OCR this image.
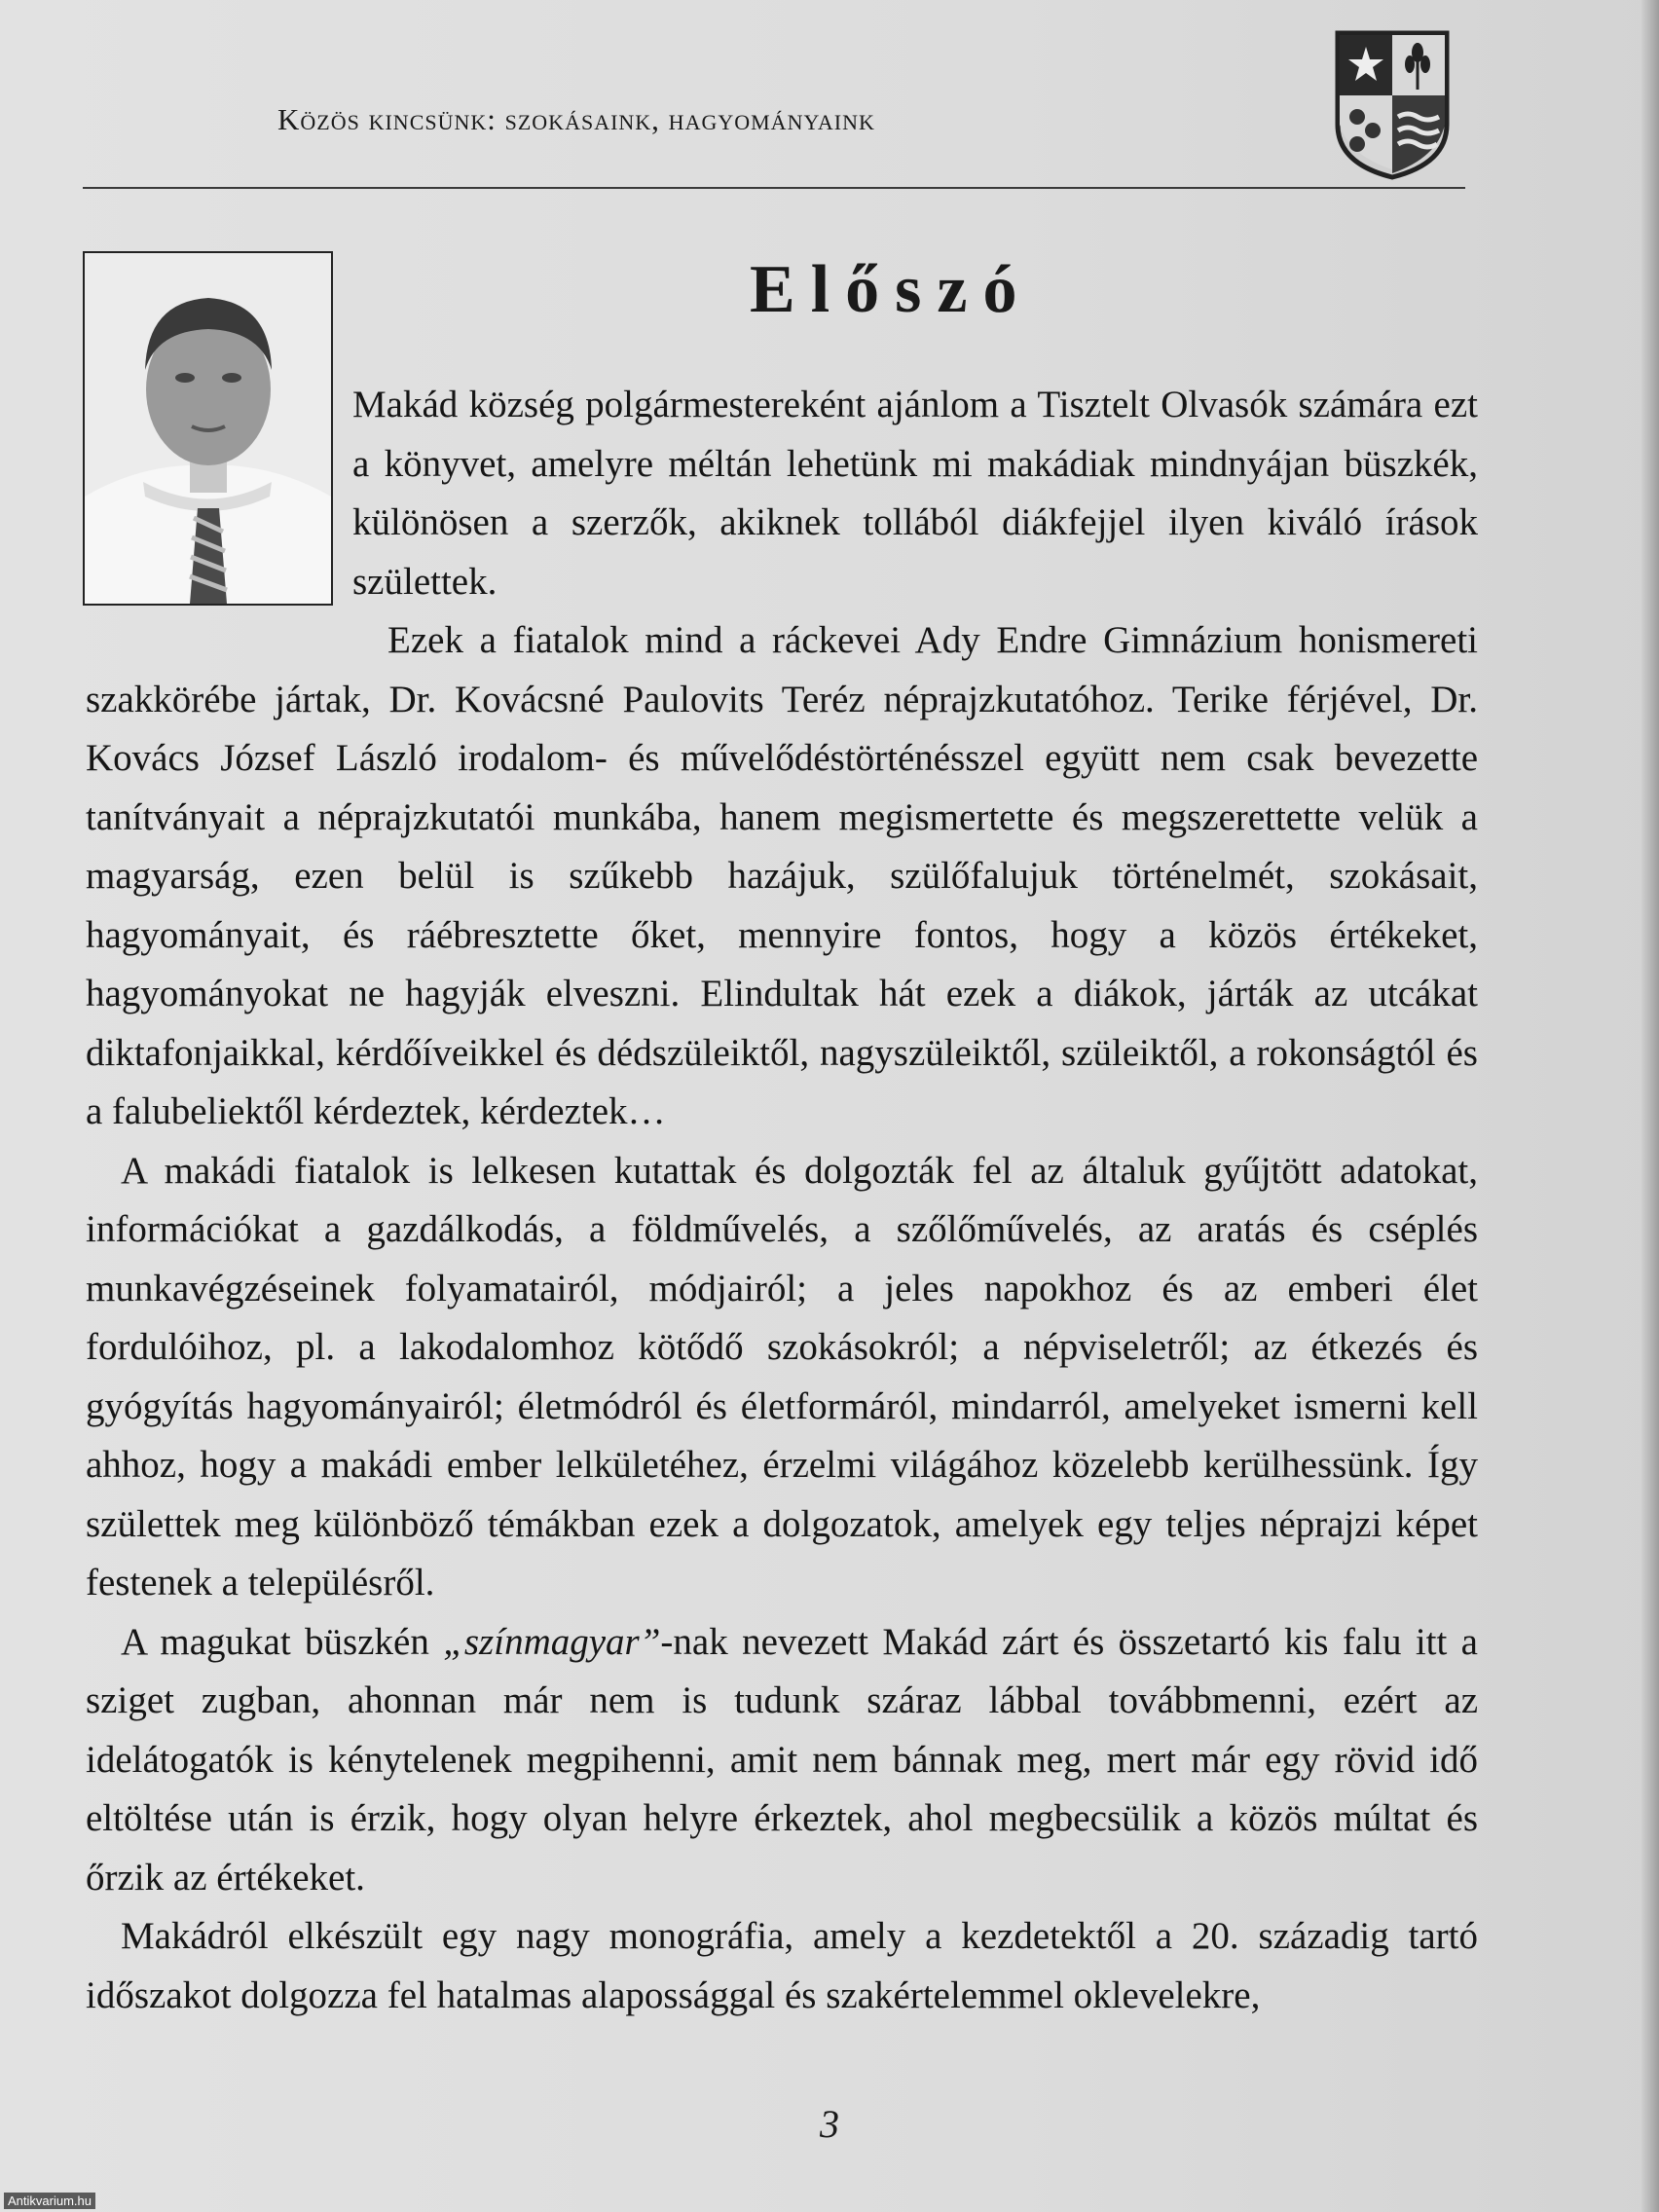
Közös kincsünk: szokásaink, hagyományaink
Előszó

Makád község polgármestereként ajánlom a Tisztelt Olvasók számára ezt a könyvet, amelyre méltán lehetünk mi makádiak mindnyájan büszkék, különösen a szerzők, akiknek tollából diákfejjel ilyen kiváló írások születtek.

Ezek a fiatalok mind a ráckevei Ady Endre Gimnázium honismereti szakkörébe jártak, Dr. Kovácsné Paulovits Teréz néprajzkutatóhoz. Terike férjével, Dr. Kovács József László irodalom- és művelődéstörténésszel együtt nem csak bevezette tanítványait a néprajzkutatói munkába, hanem megismertette és megszerettette velük a magyarság, ezen belül is szűkebb hazájuk, szülőfalujuk történelmét, szokásait, hagyományait, és ráébresztette őket, mennyire fontos, hogy a közös értékeket, hagyományokat ne hagyják elveszni. Elindultak hát ezek a diákok, járták az utcákat diktafonjaikkal, kérdőíveikkel és dédszüleiktől, nagyszüleiktől, szüleiktől, a rokonságtól és a falubeliektől kérdeztek, kérdeztek…

A makádi fiatalok is lelkesen kutattak és dolgozták fel az általuk gyűjtött adatokat, információkat a gazdálkodás, a földművelés, a szőlőművelés, az aratás és cséplés munkavégzéseinek folyamatairól, módjairól; a jeles napokhoz és az emberi élet fordulóihoz, pl. a lakodalomhoz kötődő szokásokról; a népviseletről; az étkezés és gyógyítás hagyományairól; életmódról és életformáról, mindarról, amelyeket ismerni kell ahhoz, hogy a makádi ember lelkületéhez, érzelmi világához közelebb kerülhessünk. Így születtek meg különböző témákban ezek a dolgozatok, amelyek egy teljes néprajzi képet festenek a településről.

A magukat büszkén „színmagyar”-nak nevezett Makád zárt és összetartó kis falu itt a sziget zugban, ahonnan már nem is tudunk száraz lábbal továbbmenni, ezért az idelátogatók is kénytelenek megpihenni, amit nem bánnak meg, mert már egy rövid idő eltöltése után is érzik, hogy olyan helyre érkeztek, ahol megbecsülik a közös múltat és őrzik az értékeket.

Makádról elkészült egy nagy monográfia, amely a kezdetektől a 20. századig tartó időszakot dolgozza fel hatalmas alapossággal és szakértelemmel oklevelekre,

3
Antikvarium.hu
